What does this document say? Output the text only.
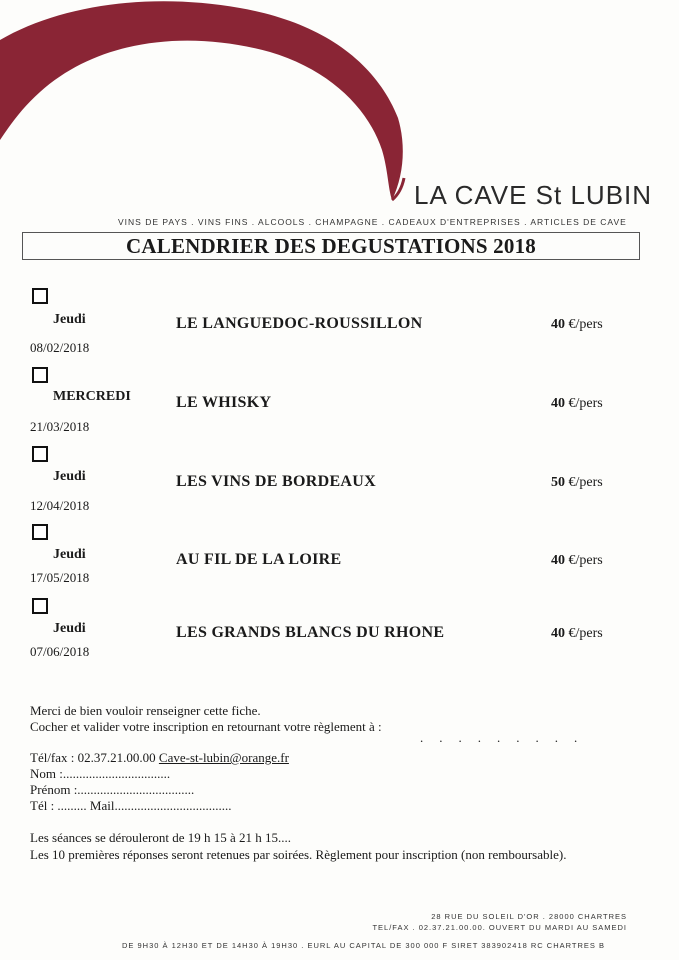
LA CAVE St LUBIN
VINS DE PAYS . VINS FINS . ALCOOLS . CHAMPAGNE . CADEAUX D'ENTREPRISES . ARTICLES DE CAVE
CALENDRIER DES DEGUSTATIONS 2018
Jeudi
08/02/2018
LE LANGUEDOC-ROUSSILLON	40 €/pers
MERCREDI
21/03/2018
LE WHISKY	40 €/pers
Jeudi
12/04/2018
LES VINS DE BORDEAUX	50 €/pers
Jeudi
17/05/2018
AU FIL DE LA LOIRE	40 €/pers
Jeudi
07/06/2018
LES GRANDS BLANCS DU RHONE	40 €/pers
Merci de bien vouloir renseigner cette fiche.
Cocher et valider votre inscription en retournant votre règlement à :
.........
Tél/fax : 02.37.21.00.00 Cave-st-lubin@orange.fr
Nom :.................................
Prénom :....................................
Tél : ......... Mail....................................
Les séances se dérouleront de 19 h 15 à 21 h 15....
Les 10 premières réponses seront retenues par soirées. Règlement pour inscription (non remboursable).
28 RUE DU SOLEIL D'OR . 28000 CHARTRES
TEL/FAX . 02.37.21.00.00. OUVERT DU MARDI AU SAMEDI
DE 9H30 À 12H30 ET DE 14H30 À 19H30 . EURL AU CAPITAL DE 300 000 F SIRET 383902418 RC CHARTRES B
